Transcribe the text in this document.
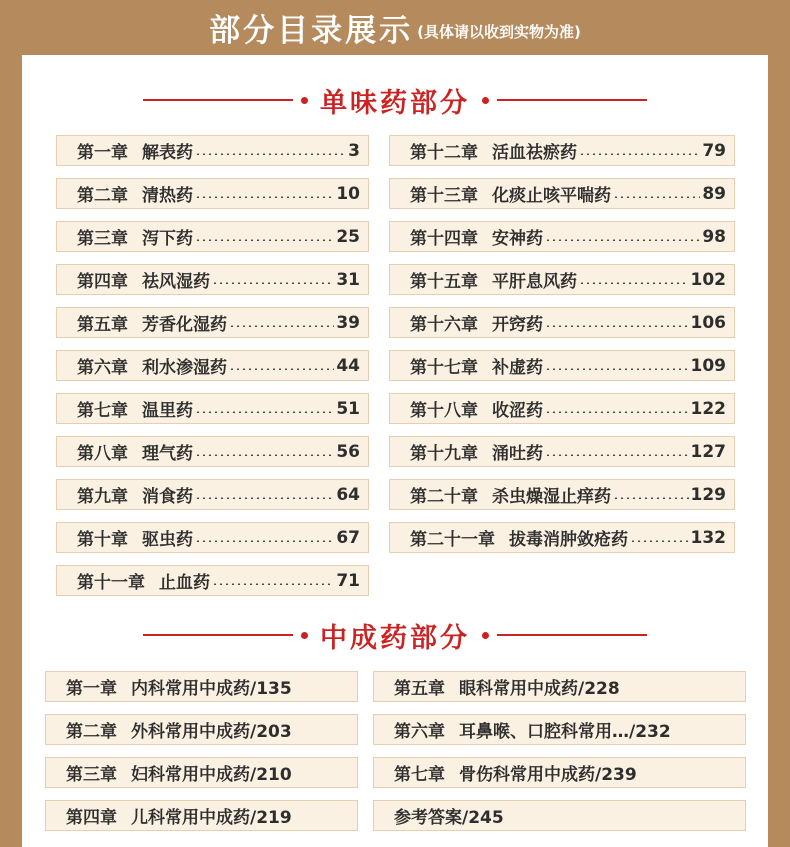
部分目录展示 (具体请以收到实物为准)
单味药部分
第一章 解表药	3
第二章 清热药	10
第三章 泻下药	25
第四章 祛风湿药	31
第五章 芳香化湿药	39
第六章 利水渗湿药	44
第七章 温里药	51
第八章 理气药	56
第九章 消食药	64
第十章 驱虫药	67
第十一章 止血药	71
第十二章 活血祛瘀药	79
第十三章 化痰止咳平喘药	89
第十四章 安神药	98
第十五章 平肝息风药	102
第十六章 开窍药	106
第十七章 补虚药	109
第十八章 收涩药	122
第十九章 涌吐药	127
第二十章 杀虫燥湿止痒药	129
第二十一章 拔毒消肿敛疮药	132
中成药部分
第一章 内科常用中成药/135
第二章 外科常用中成药/203
第三章 妇科常用中成药/210
第四章 儿科常用中成药/219
第五章 眼科常用中成药/228
第六章 耳鼻喉、口腔科常用…/232
第七章 骨伤科常用中成药/239
参考答案/245
